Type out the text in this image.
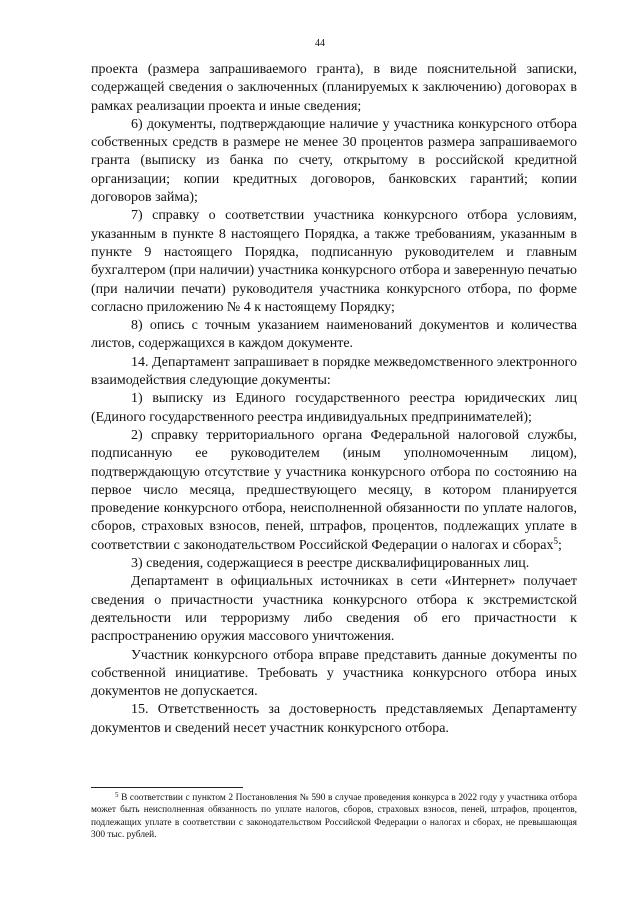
44

проекта (размера запрашиваемого гранта), в виде пояснительной записки, содержащей сведения о заключенных (планируемых к заключению) договорах в рамках реализации проекта и иные сведения;

6) документы, подтверждающие наличие у участника конкурсного отбора собственных средств в размере не менее 30 процентов размера запрашиваемого гранта (выписку из банка по счету, открытому в российской кредитной организации; копии кредитных договоров, банковских гарантий; копии договоров займа);

7) справку о соответствии участника конкурсного отбора условиям, указанным в пункте 8 настоящего Порядка, а также требованиям, указанным в пункте 9 настоящего Порядка, подписанную руководителем и главным бухгалтером (при наличии) участника конкурсного отбора и заверенную печатью (при наличии печати) руководителя участника конкурсного отбора, по форме согласно приложению № 4 к настоящему Порядку;

8) опись с точным указанием наименований документов и количества листов, содержащихся в каждом документе.

14. Департамент запрашивает в порядке межведомственного электронного взаимодействия следующие документы:

1) выписку из Единого государственного реестра юридических лиц (Единого государственного реестра индивидуальных предпринимателей);

2) справку территориального органа Федеральной налоговой службы, подписанную ее руководителем (иным уполномоченным лицом), подтверждающую отсутствие у участника конкурсного отбора по состоянию на первое число месяца, предшествующего месяцу, в котором планируется проведение конкурсного отбора, неисполненной обязанности по уплате налогов, сборов, страховых взносов, пеней, штрафов, процентов, подлежащих уплате в соответствии с законодательством Российской Федерации о налогах и сборах$^5$;

3) сведения, содержащиеся в реестре дисквалифицированных лиц.

Департамент в официальных источниках в сети «Интернет» получает сведения о причастности участника конкурсного отбора к экстремистской деятельности или терроризму либо сведения об его причастности к распространению оружия массового уничтожения.

Участник конкурсного отбора вправе представить данные документы по собственной инициативе. Требовать у участника конкурсного отбора иных документов не допускается.

15. Ответственность за достоверность представляемых Департаменту документов и сведений несет участник конкурсного отбора.

$^5$ В соответствии с пунктом 2 Постановления № 590 в случае проведения конкурса в 2022 году у участника отбора может быть неисполненная обязанность по уплате налогов, сборов, страховых взносов, пеней, штрафов, процентов, подлежащих уплате в соответствии с законодательством Российской Федерации о налогах и сборах, не превышающая 300 тыс. рублей.
